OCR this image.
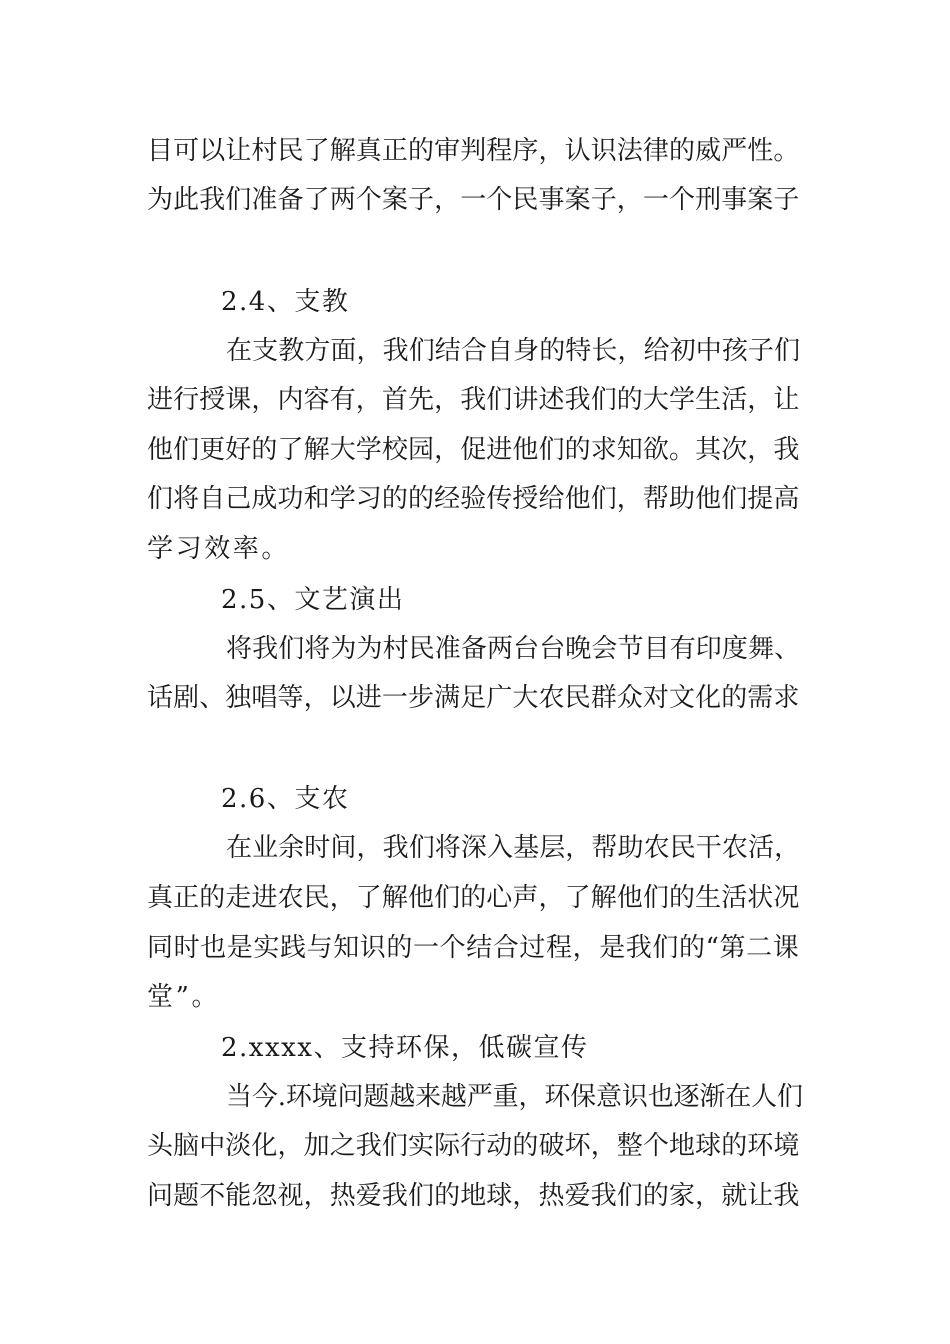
目可以让村民了解真正的审判程序，认识法律的威严性。
为此我们准备了两个案子，一个民事案子，一个刑事案子
2.4、支教
在支教方面，我们结合自身的特长，给初中孩子们
进行授课，内容有，首先，我们讲述我们的大学生活，让
他们更好的了解大学校园，促进他们的求知欲。其次，我
们将自己成功和学习的的经验传授给他们，帮助他们提高
学习效率。
2.5、文艺演出
将我们将为为村民准备两台台晚会节目有印度舞、
话剧、独唱等，以进一步满足广大农民群众对文化的需求
2.6、支农
在业余时间，我们将深入基层，帮助农民干农活，
真正的走进农民，了解他们的心声，了解他们的生活状况
同时也是实践与知识的一个结合过程，是我们的“第二课
堂”。
2.xxxx、支持环保，低碳宣传
当今.环境问题越来越严重，环保意识也逐渐在人们
头脑中淡化，加之我们实际行动的破坏，整个地球的环境
问题不能忽视，热爱我们的地球，热爱我们的家，就让我
